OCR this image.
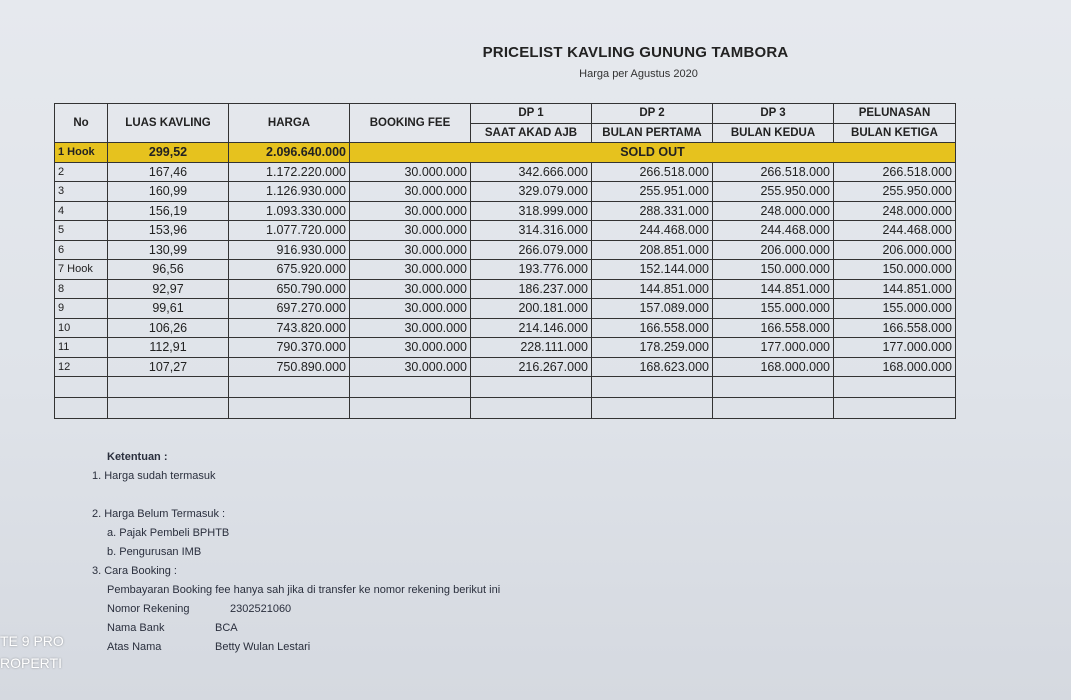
PRICELIST KAVLING GUNUNG TAMBORA
Harga per Agustus 2020
No	LUAS KAVLING	HARGA	BOOKING FEE	DP 1	DP 2	DP 3	PELUNASAN
				SAAT AKAD AJB	BULAN PERTAMA	BULAN KEDUA	BULAN KETIGA
1 Hook	299,52	2.096.640.000	SOLD OUT				
2	167,46	1.172.220.000	30.000.000	342.666.000	266.518.000	266.518.000	266.518.000
3	160,99	1.126.930.000	30.000.000	329.079.000	255.951.000	255.950.000	255.950.000
4	156,19	1.093.330.000	30.000.000	318.999.000	288.331.000	248.000.000	248.000.000
5	153,96	1.077.720.000	30.000.000	314.316.000	244.468.000	244.468.000	244.468.000
6	130,99	916.930.000	30.000.000	266.079.000	208.851.000	206.000.000	206.000.000
7 Hook	96,56	675.920.000	30.000.000	193.776.000	152.144.000	150.000.000	150.000.000
8	92,97	650.790.000	30.000.000	186.237.000	144.851.000	144.851.000	144.851.000
9	99,61	697.270.000	30.000.000	200.181.000	157.089.000	155.000.000	155.000.000
10	106,26	743.820.000	30.000.000	214.146.000	166.558.000	166.558.000	166.558.000
11	112,91	790.370.000	30.000.000	228.111.000	178.259.000	177.000.000	177.000.000
12	107,27	750.890.000	30.000.000	216.267.000	168.623.000	168.000.000	168.000.000

Ketentuan :
1. Harga sudah termasuk
2. Harga Belum Termasuk :
a. Pajak Pembeli BPHTB
b. Pengurusan IMB
3. Cara Booking :
Pembayaran Booking fee hanya sah jika di transfer ke nomor rekening berikut ini
Nomor Rekening	2302521060
Nama Bank	BCA
Atas Nama	Betty Wulan Lestari
TE 9 PRO
ROPERTI
